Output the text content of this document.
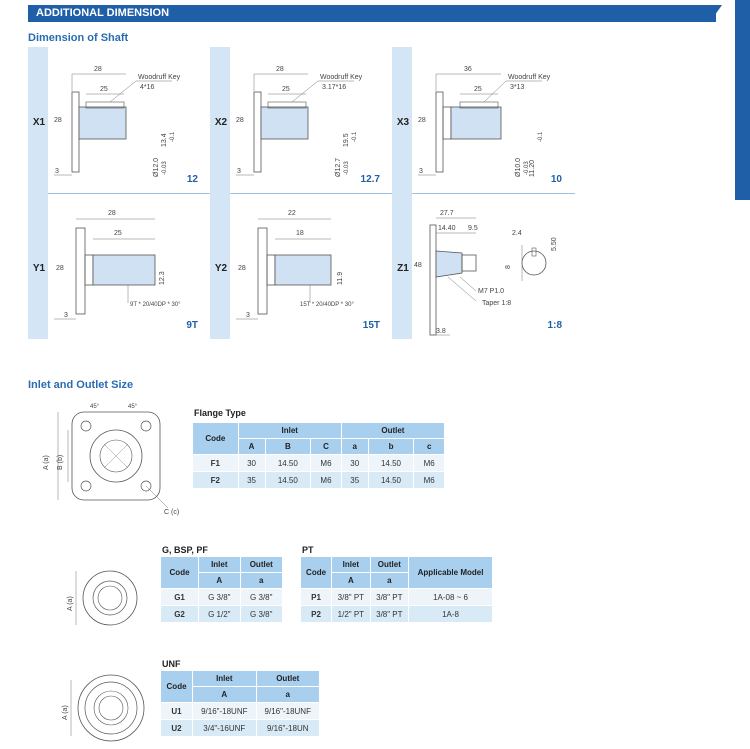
ADDITIONAL DIMENSION
Dimension of Shaft
X1
28
25
Woodruff Key
4*16
28
3
13.4 -0.1
Ø12.0 -0.03
12
X2
28
25
Woodruff Key
3.17*16
28
3
19.5 -0.1
Ø12.7 -0.03
12.7
X3
36
25
Woodruff Key
3*13
28
3	11.20
-0.1
Ø10.0 -0.03
10
Y1
28
25
28
3
12.3
9T * 20/40DP * 30°
9T
Y2
22
18
28
3
11.9
15T * 20/40DP * 30°
15T
Z1
27.7
14.40 9.5
2.4
5.50
48	8
M7 P1.0
Taper 1:8
3.8
1:8
Inlet and Outlet Size
45°	45°
A (a) B (b)
C (c)
Flange Type
Code	Inlet			Outlet		
	A	B	C	a	b	c
F1	30	14.50	M6	30	14.50	M6
F2	35	14.50	M6	35	14.50	M6
A (a)
G, BSP, PF
Code	Inlet	Outlet
	A	a
G1	G 3/8"	G 3/8"
G2	G 1/2"	G 3/8"
PT
Code	Inlet	Outlet	Applicable Model
	A	a	
P1	3/8" PT	3/8" PT	1A-08 ~ 6
P2	1/2" PT	3/8" PT	1A-8
A (a)
UNF
Code	Inlet	Outlet
	A	a
U1	9/16"-18UNF	9/16"-18UNF
U2	3/4"-16UNF	9/16"-18UN
